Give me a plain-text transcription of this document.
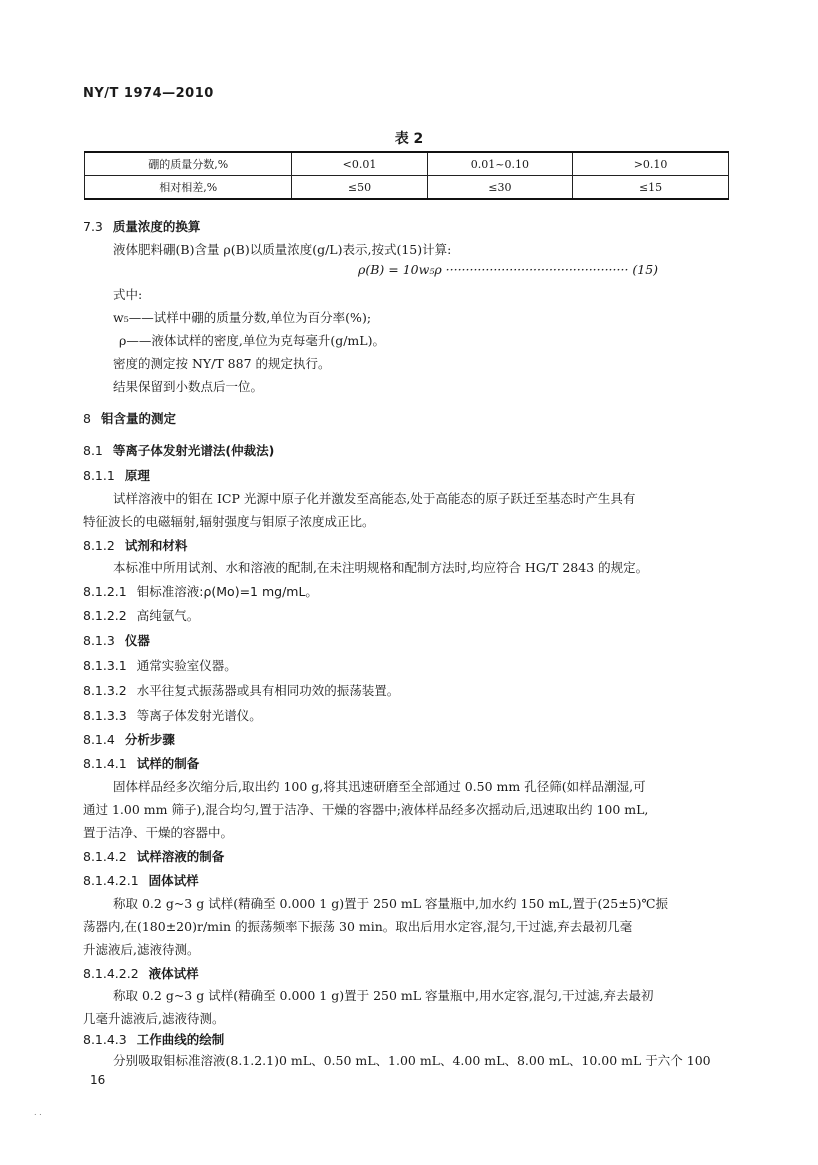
NY/T 1974—2010
表 2
硼的质量分数,%	<0.01	0.01~0.10	>0.10
相对相差,%	≤50	≤30	≤15
7.3 质量浓度的换算
液体肥料硼(B)含量 ρ(B)以质量浓度(g/L)表示,按式(15)计算:
ρ(B) = 10w₅ρ ·············································· (15)
式中:
w₅——试样中硼的质量分数,单位为百分率(%);
ρ——液体试样的密度,单位为克每毫升(g/mL)。
密度的测定按 NY/T 887 的规定执行。
结果保留到小数点后一位。
8 钼含量的测定
8.1 等离子体发射光谱法(仲裁法)
8.1.1 原理
试样溶液中的钼在 ICP 光源中原子化并激发至高能态,处于高能态的原子跃迁至基态时产生具有
特征波长的电磁辐射,辐射强度与钼原子浓度成正比。
8.1.2 试剂和材料
本标准中所用试剂、水和溶液的配制,在未注明规格和配制方法时,均应符合 HG/T 2843 的规定。
8.1.2.1 钼标准溶液:ρ(Mo)=1 mg/mL。
8.1.2.2 高纯氩气。
8.1.3 仪器
8.1.3.1 通常实验室仪器。
8.1.3.2 水平往复式振荡器或具有相同功效的振荡装置。
8.1.3.3 等离子体发射光谱仪。
8.1.4 分析步骤
8.1.4.1 试样的制备
固体样品经多次缩分后,取出约 100 g,将其迅速研磨至全部通过 0.50 mm 孔径筛(如样品潮湿,可
通过 1.00 mm 筛子),混合均匀,置于洁净、干燥的容器中;液体样品经多次摇动后,迅速取出约 100 mL,
置于洁净、干燥的容器中。
8.1.4.2 试样溶液的制备
8.1.4.2.1 固体试样
称取 0.2 g~3 g 试样(精确至 0.000 1 g)置于 250 mL 容量瓶中,加水约 150 mL,置于(25±5)℃振
荡器内,在(180±20)r/min 的振荡频率下振荡 30 min。取出后用水定容,混匀,干过滤,弃去最初几毫
升滤液后,滤液待测。
8.1.4.2.2 液体试样
称取 0.2 g~3 g 试样(精确至 0.000 1 g)置于 250 mL 容量瓶中,用水定容,混匀,干过滤,弃去最初
几毫升滤液后,滤液待测。
8.1.4.3 工作曲线的绘制
分别吸取钼标准溶液(8.1.2.1)0 mL、0.50 mL、1.00 mL、4.00 mL、8.00 mL、10.00 mL 于六个 100
16
. .
